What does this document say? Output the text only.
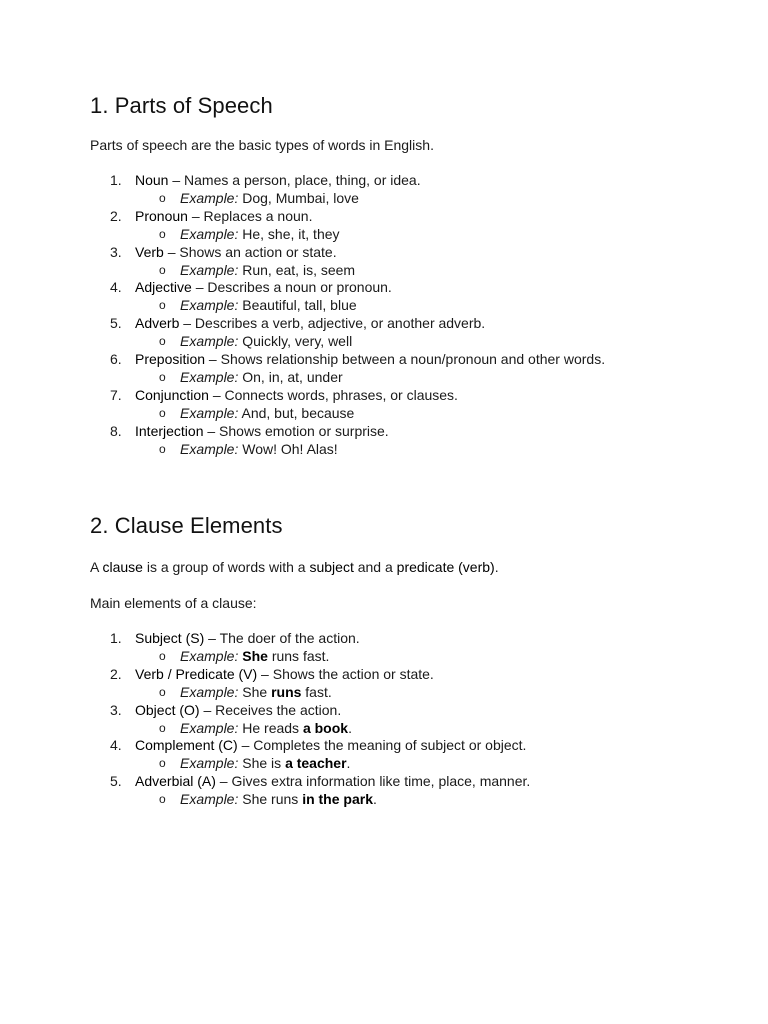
1. Parts of Speech

Parts of speech are the basic types of words in English.

1. Noun – Names a person, place, thing, or idea.
o Example: Dog, Mumbai, love
2. Pronoun – Replaces a noun.
o Example: He, she, it, they
3. Verb – Shows an action or state.
o Example: Run, eat, is, seem
4. Adjective – Describes a noun or pronoun.
o Example: Beautiful, tall, blue
5. Adverb – Describes a verb, adjective, or another adverb.
o Example: Quickly, very, well
6. Preposition – Shows relationship between a noun/pronoun and other words.
o Example: On, in, at, under
7. Conjunction – Connects words, phrases, or clauses.
o Example: And, but, because
8. Interjection – Shows emotion or surprise.
o Example: Wow! Oh! Alas!
2. Clause Elements

A clause is a group of words with a subject and a predicate (verb).

Main elements of a clause:

1. Subject (S) – The doer of the action.
o Example: She runs fast.
2. Verb / Predicate (V) – Shows the action or state.
o Example: She runs fast.
3. Object (O) – Receives the action.
o Example: He reads a book.
4. Complement (C) – Completes the meaning of subject or object.
o Example: She is a teacher.
5. Adverbial (A) – Gives extra information like time, place, manner.
o Example: She runs in the park.
